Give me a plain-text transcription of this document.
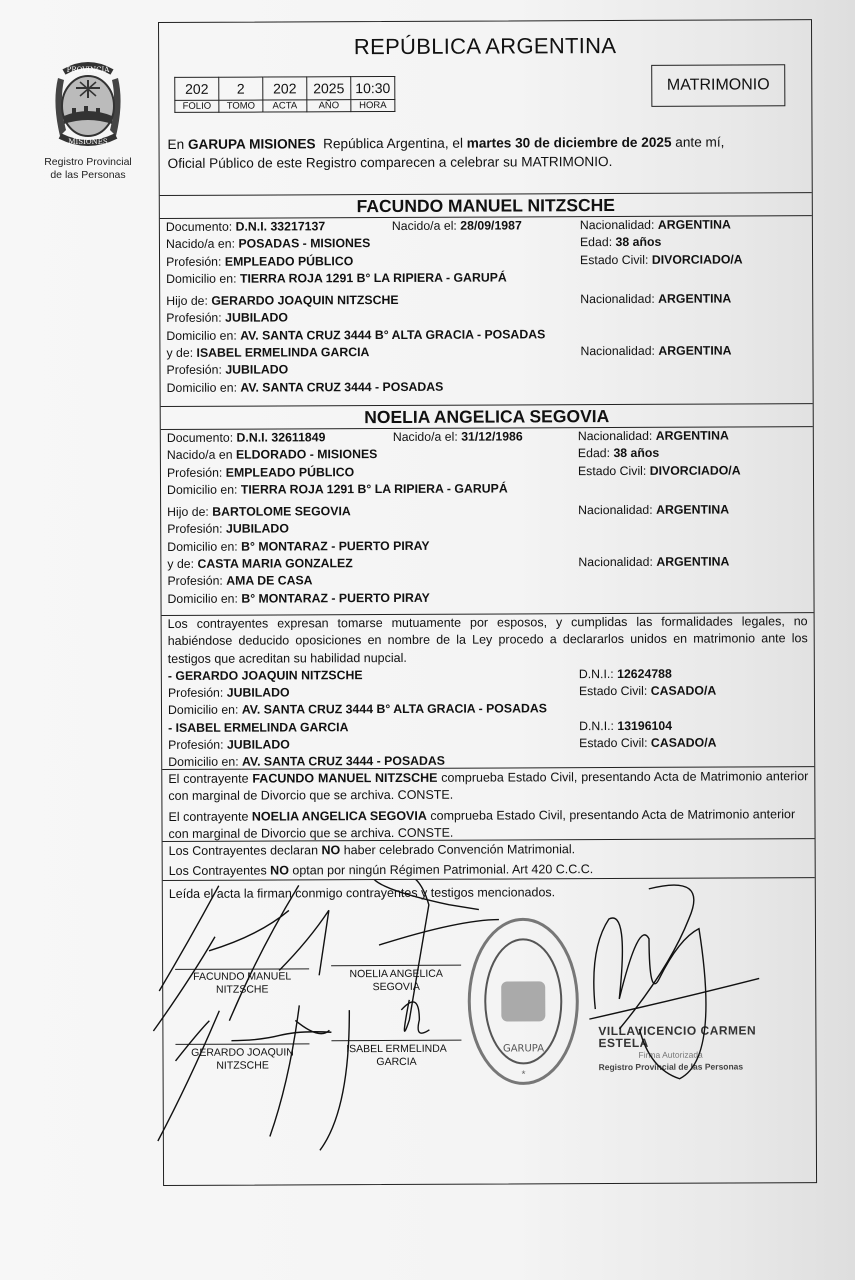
PROVINCIA
MISIONES
Registro Provincial
de las Personas
REPÚBLICA ARGENTINA
202	2	202	2025	10:30
FOLIO	TOMO	ACTA	AÑO	HORA
MATRIMONIO
En GARUPA MISIONES  República Argentina, el martes 30 de diciembre de 2025 ante mí,
Oficial Público de este Registro comparecen a celebrar su MATRIMONIO.
FACUNDO MANUEL NITZSCHE
Documento: D.N.I. 33217137	Nacido/a el: 28/09/1987	Nacionalidad: ARGENTINA
Nacido/a en: POSADAS - MISIONES	Edad: 38 años
Profesión: EMPLEADO PÚBLICO	Estado Civil: DIVORCIADO/A
Domicilio en: TIERRA ROJA 1291 B° LA RIPIERA - GARUPÁ
Hijo de: GERARDO JOAQUIN NITZSCHE	Nacionalidad: ARGENTINA
Profesión: JUBILADO
Domicilio en: AV. SANTA CRUZ 3444 B° ALTA GRACIA - POSADAS
y de: ISABEL ERMELINDA GARCIA	Nacionalidad: ARGENTINA
Profesión: JUBILADO
Domicilio en: AV. SANTA CRUZ 3444 - POSADAS
NOELIA ANGELICA SEGOVIA
Documento: D.N.I. 32611849	Nacido/a el: 31/12/1986	Nacionalidad: ARGENTINA
Nacido/a en ELDORADO - MISIONES	Edad: 38 años
Profesión: EMPLEADO PÚBLICO	Estado Civil: DIVORCIADO/A
Domicilio en: TIERRA ROJA 1291 B° LA RIPIERA - GARUPÁ
Hijo de: BARTOLOME SEGOVIA	Nacionalidad: ARGENTINA
Profesión: JUBILADO
Domicilio en: B° MONTARAZ - PUERTO PIRAY
y de: CASTA MARIA GONZALEZ	Nacionalidad: ARGENTINA
Profesión: AMA DE CASA
Domicilio en: B° MONTARAZ - PUERTO PIRAY
Los contrayentes expresan tomarse mutuamente por esposos, y cumplidas las formalidades legales, no habiéndose deducido oposiciones en nombre de la Ley procedo a declararlos unidos en matrimonio ante los testigos que acreditan su habilidad nupcial.
- GERARDO JOAQUIN NITZSCHE	D.N.I.: 12624788
Profesión: JUBILADO	Estado Civil: CASADO/A
Domicilio en: AV. SANTA CRUZ 3444 B° ALTA GRACIA - POSADAS
- ISABEL ERMELINDA GARCIA	D.N.I.: 13196104
Profesión: JUBILADO	Estado Civil: CASADO/A
Domicilio en: AV. SANTA CRUZ 3444 - POSADAS
El contrayente FACUNDO MANUEL NITZSCHE comprueba Estado Civil, presentando Acta de Matrimonio anterior con marginal de Divorcio que se archiva. CONSTE.
El contrayente NOELIA ANGELICA SEGOVIA comprueba Estado Civil, presentando Acta de Matrimonio anterior con marginal de Divorcio que se archiva. CONSTE.
Los Contrayentes declaran NO haber celebrado Convención Matrimonial.
Los Contrayentes NO optan por ningún Régimen Patrimonial. Art 420 C.C.C.
Leída el acta la firman conmigo contrayentes y testigos mencionados.
FACUNDO MANUEL
NITZSCHE
NOELIA ANGELICA
SEGOVIA
GERARDO JOAQUIN
NITZSCHE
ISABEL ERMELINDA
GARCIA
GARUPA
*
VILLAVICENCIO CARMEN ESTELA
Firma Autorizada
Registro Provincial de las Personas
